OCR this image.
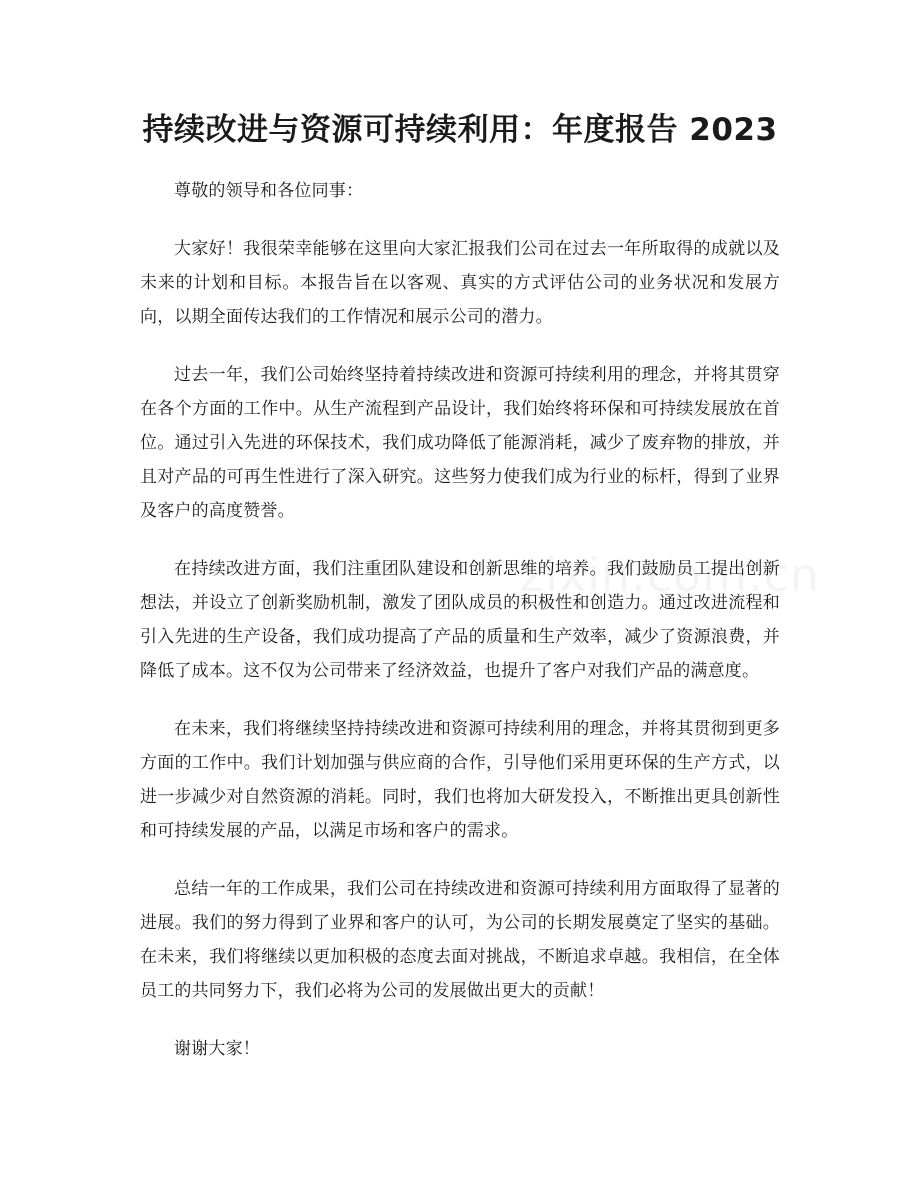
持续改进与资源可持续利用：年度报告 2023

尊敬的领导和各位同事：

大家好！我很荣幸能够在这里向大家汇报我们公司在过去一年所取得的成就以及未来的计划和目标。本报告旨在以客观、真实的方式评估公司的业务状况和发展方向，以期全面传达我们的工作情况和展示公司的潜力。

过去一年，我们公司始终坚持着持续改进和资源可持续利用的理念，并将其贯穿在各个方面的工作中。从生产流程到产品设计，我们始终将环保和可持续发展放在首位。通过引入先进的环保技术，我们成功降低了能源消耗，减少了废弃物的排放，并且对产品的可再生性进行了深入研究。这些努力使我们成为行业的标杆，得到了业界及客户的高度赞誉。

在持续改进方面，我们注重团队建设和创新思维的培养。我们鼓励员工提出创新想法，并设立了创新奖励机制，激发了团队成员的积极性和创造力。通过改进流程和引入先进的生产设备，我们成功提高了产品的质量和生产效率，减少了资源浪费，并降低了成本。这不仅为公司带来了经济效益，也提升了客户对我们产品的满意度。

在未来，我们将继续坚持持续改进和资源可持续利用的理念，并将其贯彻到更多方面的工作中。我们计划加强与供应商的合作，引导他们采用更环保的生产方式，以进一步减少对自然资源的消耗。同时，我们也将加大研发投入，不断推出更具创新性和可持续发展的产品，以满足市场和客户的需求。

总结一年的工作成果，我们公司在持续改进和资源可持续利用方面取得了显著的进展。我们的努力得到了业界和客户的认可，为公司的长期发展奠定了坚实的基础。在未来，我们将继续以更加积极的态度去面对挑战，不断追求卓越。我相信，在全体员工的共同努力下，我们必将为公司的发展做出更大的贡献！

谢谢大家！
